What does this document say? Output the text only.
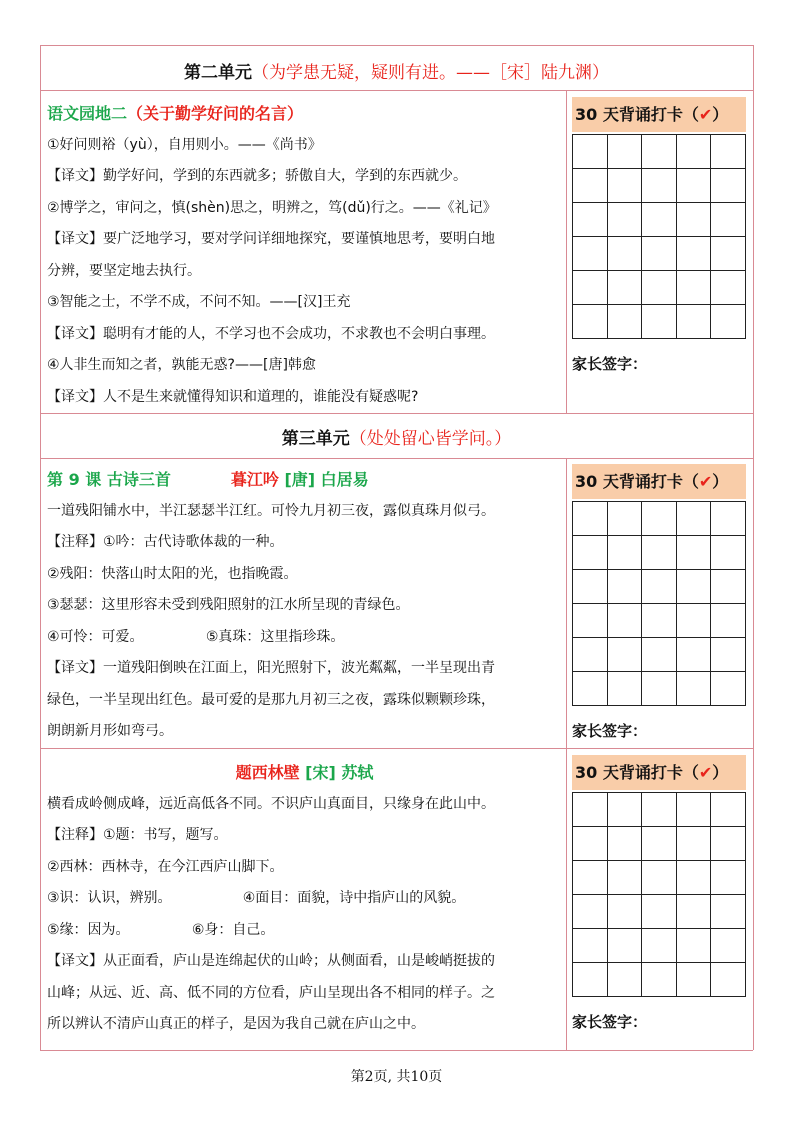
第二单元（为学患无疑，疑则有进。——［宋］陆九渊）
第三单元（处处留心皆学问。）

语文园地二（关于勤学好问的名言）

①好问则裕（yù），自用则小。——《尚书》

【译文】勤学好问，学到的东西就多；骄傲自大，学到的东西就少。

②博学之，审问之，慎(shèn)思之，明辨之，笃(dǔ)行之。——《礼记》

【译文】要广泛地学习，要对学问详细地探究，要谨慎地思考，要明白地

分辨，要坚定地去执行。

③智能之士，不学不成，不问不知。——[汉]王充

【译文】聪明有才能的人，不学习也不会成功，不求教也不会明白事理。

④人非生而知之者，孰能无惑?——[唐]韩愈

【译文】人不是生来就懂得知识和道理的，谁能没有疑惑呢?

第 9 课 古诗三首	暮江吟 [唐] 白居易

一道残阳铺水中，半江瑟瑟半江红。可怜九月初三夜，露似真珠月似弓。

【注释】①吟：古代诗歌体裁的一种。

②残阳：快落山时太阳的光，也指晚霞。

③瑟瑟：这里形容未受到残阳照射的江水所呈现的青绿色。

④可怜：可爱。              ⑤真珠：这里指珍珠。

【译文】一道残阳倒映在江面上，阳光照射下，波光粼粼，一半呈现出青

绿色，一半呈现出红色。最可爱的是那九月初三之夜，露珠似颗颗珍珠，

朗朗新月形如弯弓。

题西林壁 [宋] 苏轼

横看成岭侧成峰，远近高低各不同。不识庐山真面目，只缘身在此山中。

【注释】①题：书写，题写。

②西林：西林寺，在今江西庐山脚下。

③识：认识，辨别。                ④面目：面貌，诗中指庐山的风貌。

⑤缘：因为。              ⑥身：自己。

【译文】从正面看，庐山是连绵起伏的山岭；从侧面看，山是峻峭挺拔的

山峰；从远、近、高、低不同的方位看，庐山呈现出各不相同的样子。之

所以辨认不清庐山真正的样子，是因为我自己就在庐山之中。

30 天背诵打卡（✔）
家长签字：
30 天背诵打卡（✔）
家长签字：
30 天背诵打卡（✔）
家长签字：
第2页, 共10页
